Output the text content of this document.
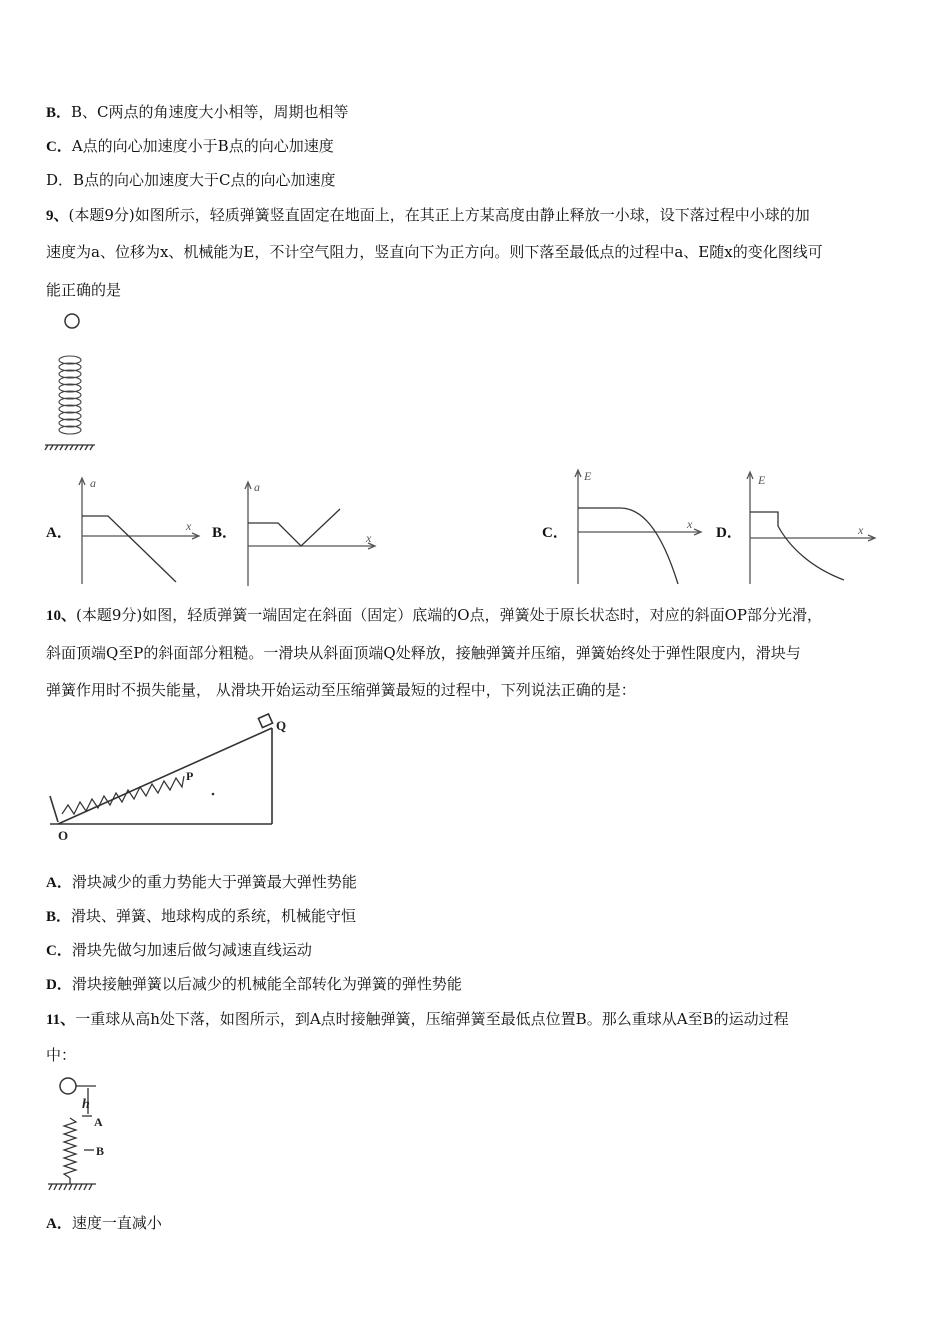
B．B、C两点的角速度大小相等，周期也相等
C．A点的向心加速度小于B点的向心加速度
D．B点的向心加速度大于C点的向心加速度
9、(本题9分)如图所示，轻质弹簧竖直固定在地面上，在其正上方某高度由静止释放一小球，设下落过程中小球的加
速度为a、位移为x、机械能为E，不计空气阻力，竖直向下为正方向。则下落至最低点的过程中a、E随x的变化图线可
能正确的是
A．	B．	C．	D．
a
x
a
x
E
x
E
x
10、(本题9分)如图，轻质弹簧一端固定在斜面（固定）底端的O点，弹簧处于原长状态时，对应的斜面OP部分光滑，
斜面顶端Q至P的斜面部分粗糙。一滑块从斜面顶端Q处释放，接触弹簧并压缩，弹簧始终处于弹性限度内，滑块与
弹簧作用时不损失能量， 从滑块开始运动至压缩弹簧最短的过程中，下列说法正确的是：
O
P
Q
A．滑块减少的重力势能大于弹簧最大弹性势能
B．滑块、弹簧、地球构成的系统，机械能守恒
C．滑块先做匀加速后做匀减速直线运动
D．滑块接触弹簧以后减少的机械能全部转化为弹簧的弹性势能
11、一重球从高h处下落，如图所示，到A点时接触弹簧，压缩弹簧至最低点位置B。那么重球从A至B的运动过程
中：
h
A
B
A．速度一直减小
